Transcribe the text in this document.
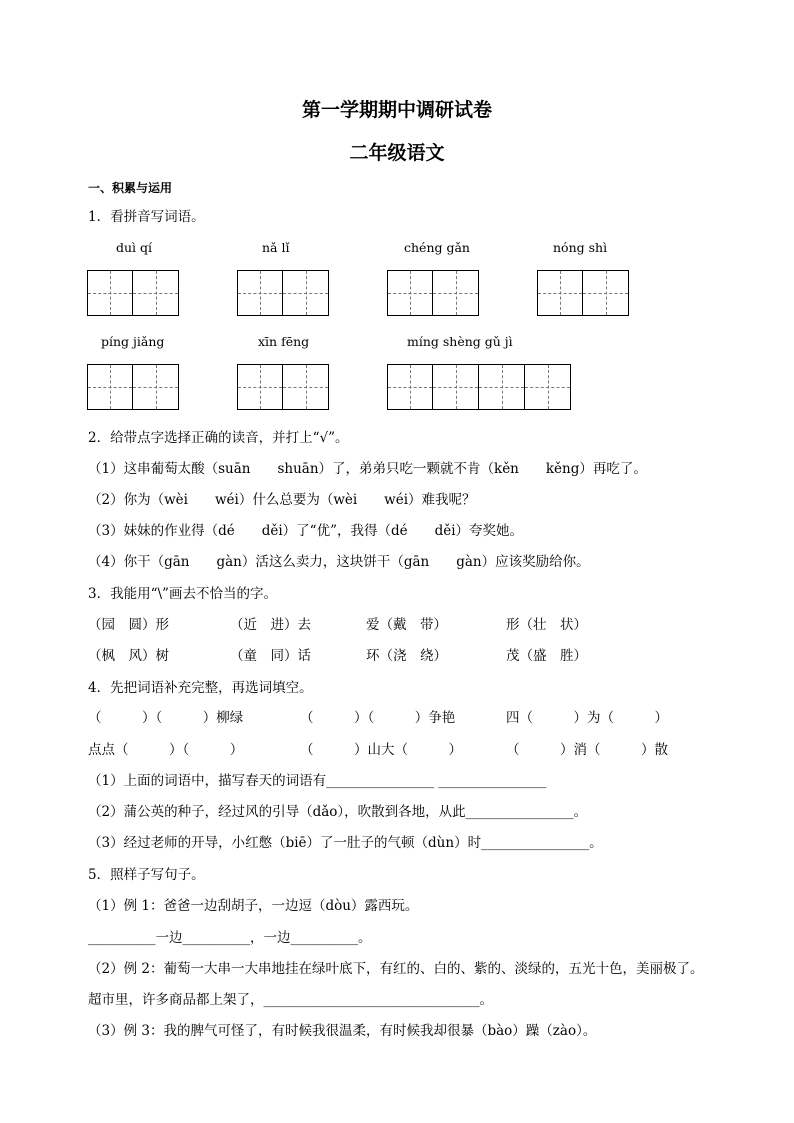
第一学期期中调研试卷
二年级语文
一、积累与运用
1．看拼音写词语。
duì qí	nǎ lǐ	chéng gǎn	nóng shì
píng jiǎng	xīn fēng	míng shèng gǔ jì
2．给带点字选择正确的读音，并打上“√”。
（1）这串葡萄太酸（suān　　shuān）了，弟弟只吃一颗就不肯（kěn　　kěng）再吃了。
（2）你为（wèi　　wéi）什么总要为（wèi　　wéi）难我呢？
（3）妹妹的作业得（dé　　děi）了“优”，我得（dé　　děi）夸奖她。
（4）你干（gān　　gàn）活这么卖力，这块饼干（gān　　gàn）应该奖励给你。
3．我能用“\”画去不恰当的字。
（园　圆）形	（近　进）去	爱（戴　带）	形（壮　状）
（枫　风）树	（童　同）话	环（浇　绕）	茂（盛　胜）
4．先把词语补充完整，再选词填空。
（　　　）（　　　）柳绿	（　　　）（　　　）争艳	四（　　　）为（　　　）
点点（　　　）（　　　）	（　　　）山大（　　　）	（　　　）消（　　　）散
（1）上面的词语中，描写春天的词语有________________ ________________
（2）蒲公英的种子，经过风的引导（dǎo），吹散到各地，从此________________。
（3）经过老师的开导，小红憋（biē）了一肚子的气顿（dùn）时________________。
5．照样子写句子。
（1）例 1：爸爸一边刮胡子，一边逗（dòu）露西玩。
__________一边__________，一边__________。
（2）例 2：葡萄一大串一大串地挂在绿叶底下，有红的、白的、紫的、淡绿的，五光十色，美丽极了。
超市里，许多商品都上架了，________________________________。
（3）例 3：我的脾气可怪了，有时候我很温柔，有时候我却很暴（bào）躁（zào）。
